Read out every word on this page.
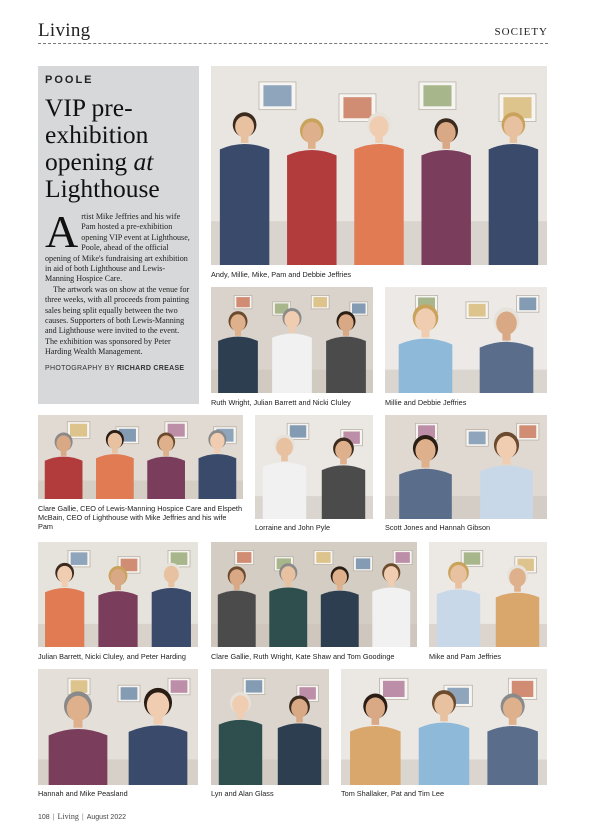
Living	SOCIETY
POOLE
VIP pre-exhibition opening at Lighthouse

Artist Mike Jeffries and his wife Pam hosted a pre-exhibition opening VIP event at Lighthouse, Poole, ahead of the official opening of Mike's fundraising art exhibition in aid of both Lighthouse and Lewis-Manning Hospice Care.

The artwork was on show at the venue for three weeks, with all proceeds from painting sales being split equally between the two causes. Supporters of both Lewis-Manning and Lighthouse were invited to the event. The exhibition was sponsored by Peter Harding Wealth Management.

PHOTOGRAPHY BY RICHARD CREASE
Andy, Millie, Mike, Pam and Debbie Jeffries
Ruth Wright, Julian Barrett and Nicki Cluley	Millie and Debbie Jeffries
Clare Gallie, CEO of Lewis-Manning Hospice Care and Elspeth McBain, CEO of Lighthouse with Mike Jeffries and his wife Pam	Lorraine and John Pyle	Scott Jones and Hannah Gibson
Julian Barrett, Nicki Cluley, and Peter Harding	Clare Gallie, Ruth Wright, Kate Shaw and Tom Goodinge	Mike and Pam Jeffries
Hannah and Mike Peasland	Lyn and Alan Glass	Tom Shallaker, Pat and Tim Lee
108 | Living | August 2022
